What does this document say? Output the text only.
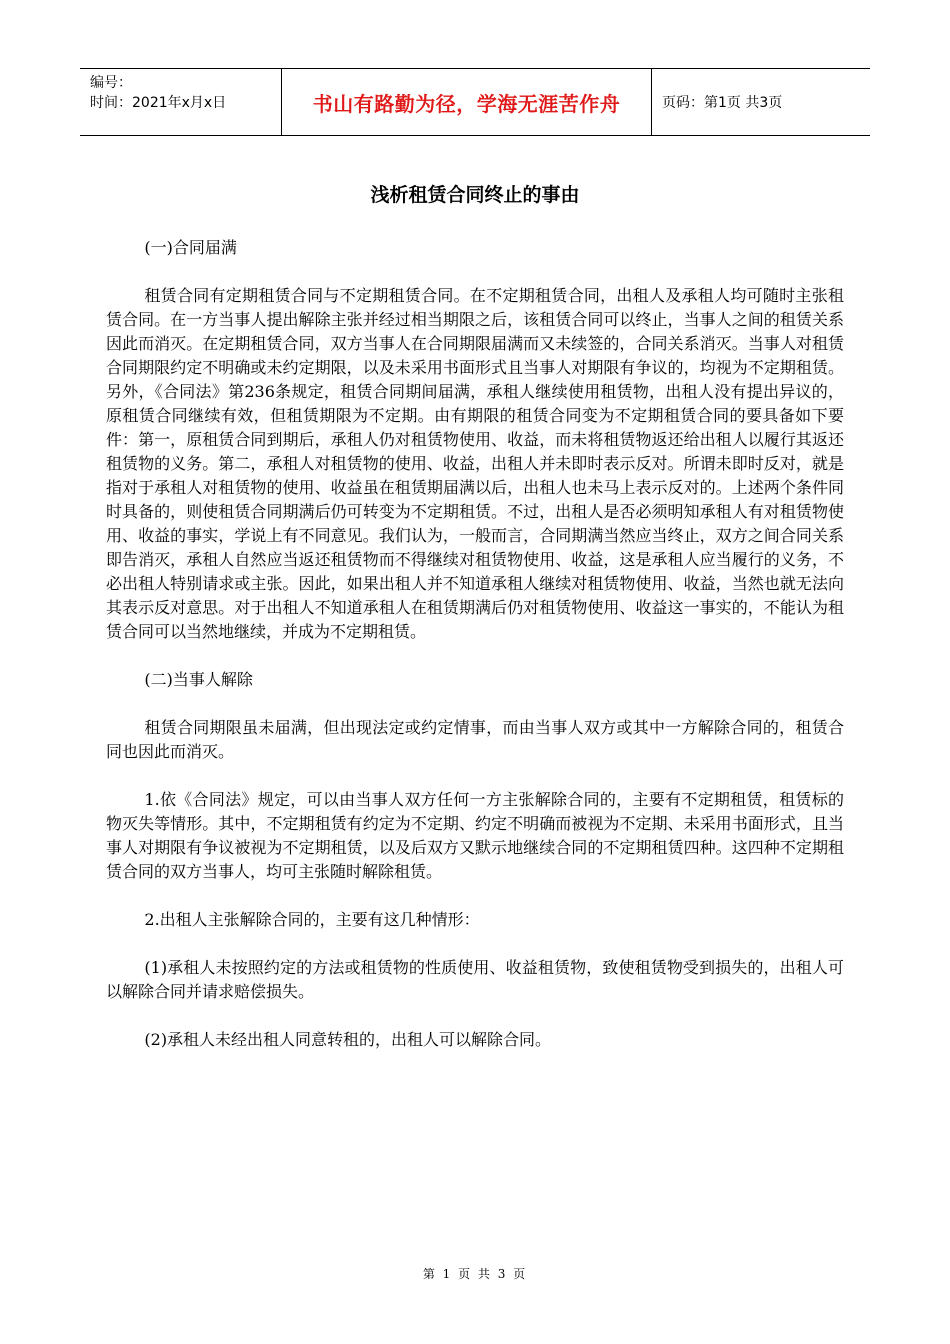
编号：
时间：2021年x月x日	书山有路勤为径，学海无涯苦作舟	页码：第1页 共3页
浅析租赁合同终止的事由

(一)合同届满

租赁合同有定期租赁合同与不定期租赁合同。在不定期租赁合同，出租人及承租人均可随时主张租赁合同。在一方当事人提出解除主张并经过相当期限之后，该租赁合同可以终止，当事人之间的租赁关系因此而消灭。在定期租赁合同，双方当事人在合同期限届满而又未续签的，合同关系消灭。当事人对租赁合同期限约定不明确或未约定期限，以及未采用书面形式且当事人对期限有争议的，均视为不定期租赁。另外，《合同法》第236条规定，租赁合同期间届满，承租人继续使用租赁物，出租人没有提出异议的，原租赁合同继续有效，但租赁期限为不定期。由有期限的租赁合同变为不定期租赁合同的要具备如下要件：第一，原租赁合同到期后，承租人仍对租赁物使用、收益，而未将租赁物返还给出租人以履行其返还租赁物的义务。第二，承租人对租赁物的使用、收益，出租人并未即时表示反对。所谓未即时反对，就是指对于承租人对租赁物的使用、收益虽在租赁期届满以后，出租人也未马上表示反对的。上述两个条件同时具备的，则使租赁合同期满后仍可转变为不定期租赁。不过，出租人是否必须明知承租人有对租赁物使用、收益的事实，学说上有不同意见。我们认为，一般而言，合同期满当然应当终止，双方之间合同关系即告消灭，承租人自然应当返还租赁物而不得继续对租赁物使用、收益，这是承租人应当履行的义务，不必出租人特别请求或主张。因此，如果出租人并不知道承租人继续对租赁物使用、收益，当然也就无法向其表示反对意思。对于出租人不知道承租人在租赁期满后仍对租赁物使用、收益这一事实的，不能认为租赁合同可以当然地继续，并成为不定期租赁。

(二)当事人解除

租赁合同期限虽未届满，但出现法定或约定情事，而由当事人双方或其中一方解除合同的，租赁合同也因此而消灭。

1.依《合同法》规定，可以由当事人双方任何一方主张解除合同的，主要有不定期租赁，租赁标的物灭失等情形。其中，不定期租赁有约定为不定期、约定不明确而被视为不定期、未采用书面形式，且当事人对期限有争议被视为不定期租赁，以及后双方又默示地继续合同的不定期租赁四种。这四种不定期租赁合同的双方当事人，均可主张随时解除租赁。

2.出租人主张解除合同的，主要有这几种情形：

(1)承租人未按照约定的方法或租赁物的性质使用、收益租赁物，致使租赁物受到损失的，出租人可以解除合同并请求赔偿损失。

(2)承租人未经出租人同意转租的，出租人可以解除合同。

第 1 页 共 3 页
